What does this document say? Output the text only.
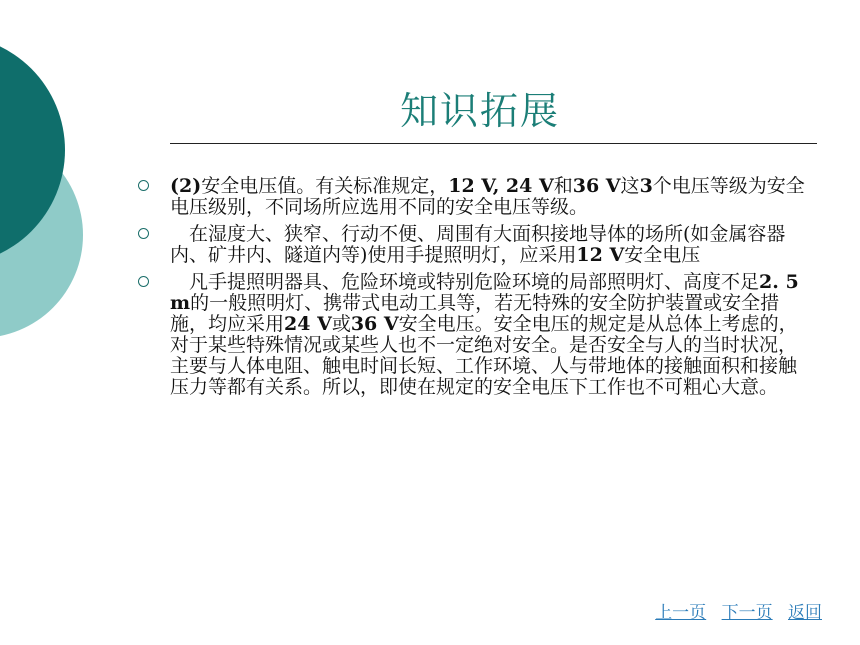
知识拓展
(2)安全电压值。有关标准规定，12 V, 24 V和36 V这3个电压等级为安全电压级别，不同场所应选用不同的安全电压等级。
　在湿度大、狭窄、行动不便、周围有大面积接地导体的场所(如金属容器内、矿井内、隧道内等)使用手提照明灯，应采用12 V安全电压
　凡手提照明器具、危险环境或特别危险环境的局部照明灯、高度不足2. 5 m的一般照明灯、携带式电动工具等，若无特殊的安全防护装置或安全措施，均应采用24 V或36 V安全电压。安全电压的规定是从总体上考虑的，对于某些特殊情况或某些人也不一定绝对安全。是否安全与人的当时状况，主要与人体电阻、触电时间长短、工作环境、人与带地体的接触面积和接触压力等都有关系。所以，即使在规定的安全电压下工作也不可粗心大意。
上一页 下一页 返回
